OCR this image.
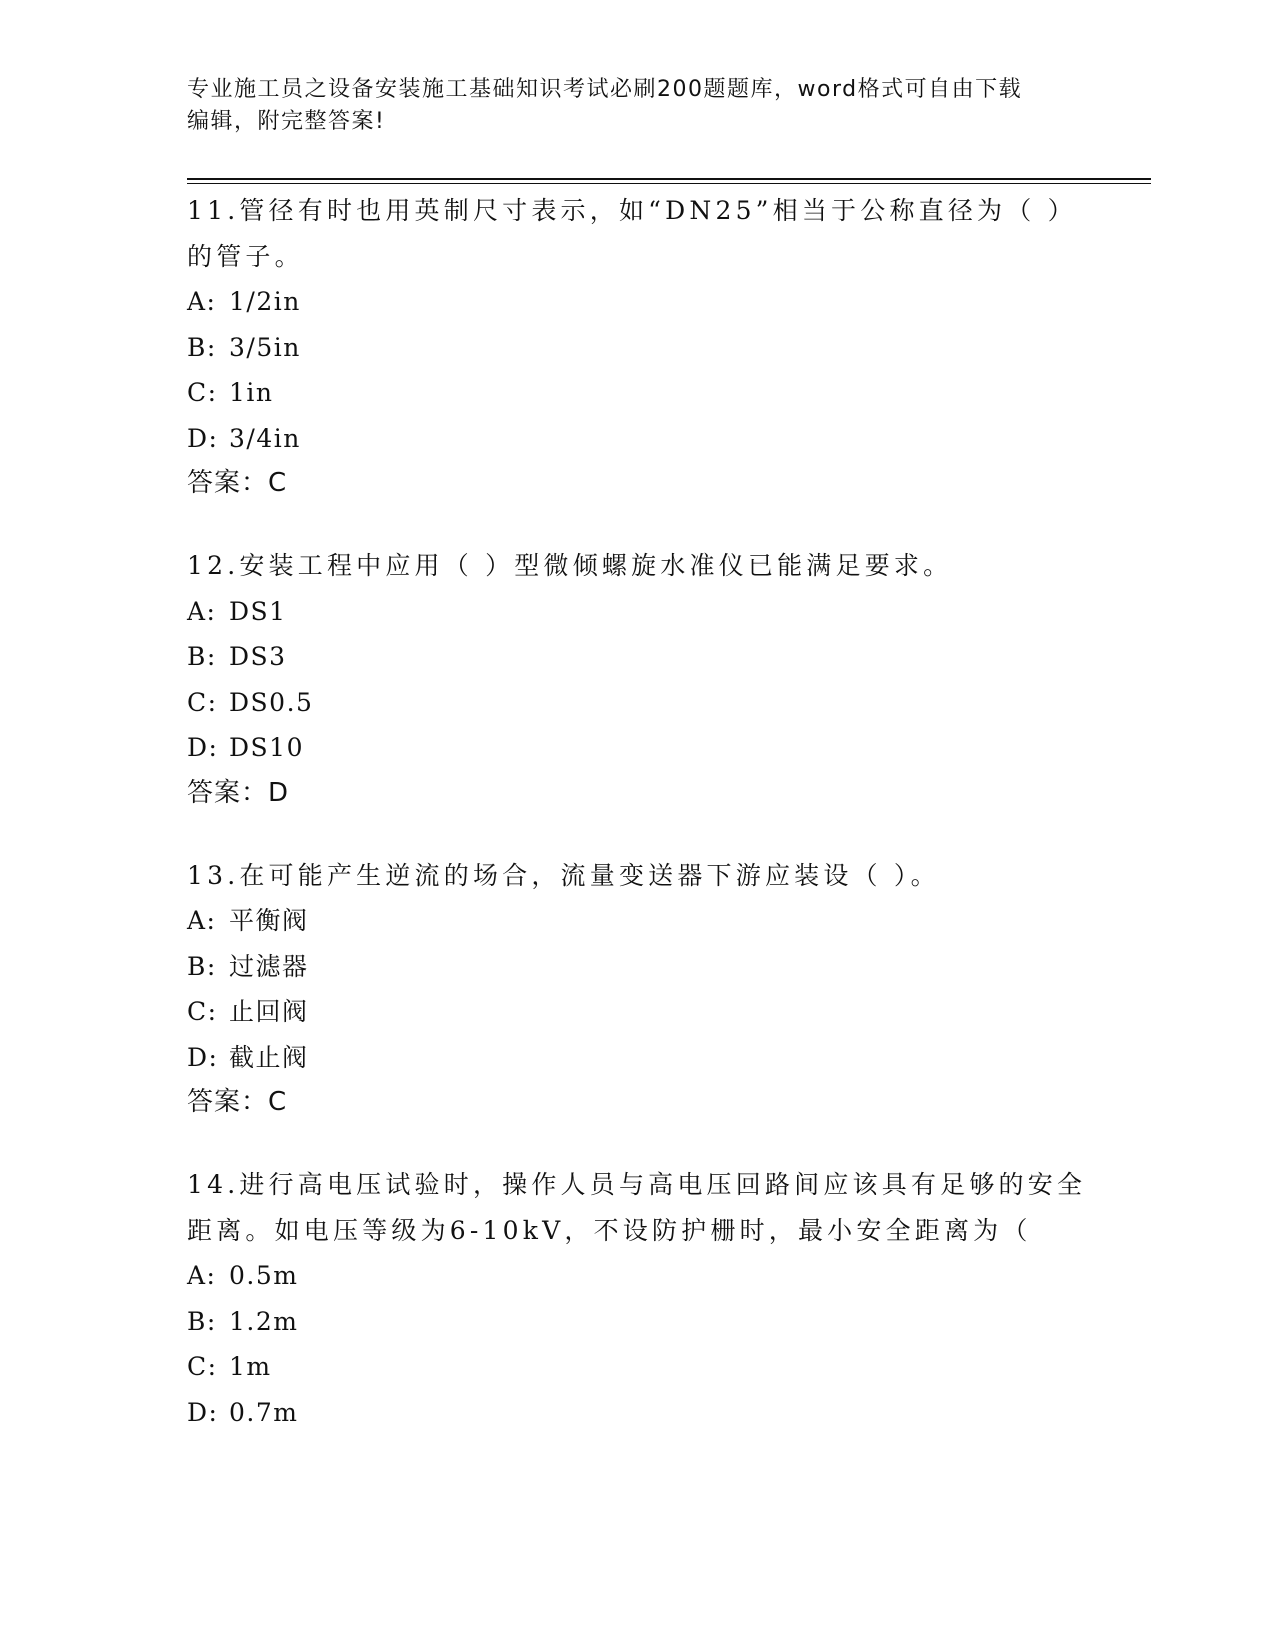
专业施工员之设备安装施工基础知识考试必刷200题题库，word格式可自由下载
编辑，附完整答案!
11.管径有时也用英制尺寸表示，如“DN25”相当于公称直径为（ ）
的管子。
A: 1/2in
B: 3/5in
C: 1in
D: 3/4in
答案：C
12.安装工程中应用（ ）型微倾螺旋水准仪已能满足要求。
A: DS1
B: DS3
C: DS0.5
D: DS10
答案：D
13.在可能产生逆流的场合，流量变送器下游应装设（ ）。
A: 平衡阀
B: 过滤器
C: 止回阀
D: 截止阀
答案：C
14.进行高电压试验时，操作人员与高电压回路间应该具有足够的安全
距离。如电压等级为6-10kV，不设防护栅时，最小安全距离为（
A: 0.5m
B: 1.2m
C: 1m
D: 0.7m
